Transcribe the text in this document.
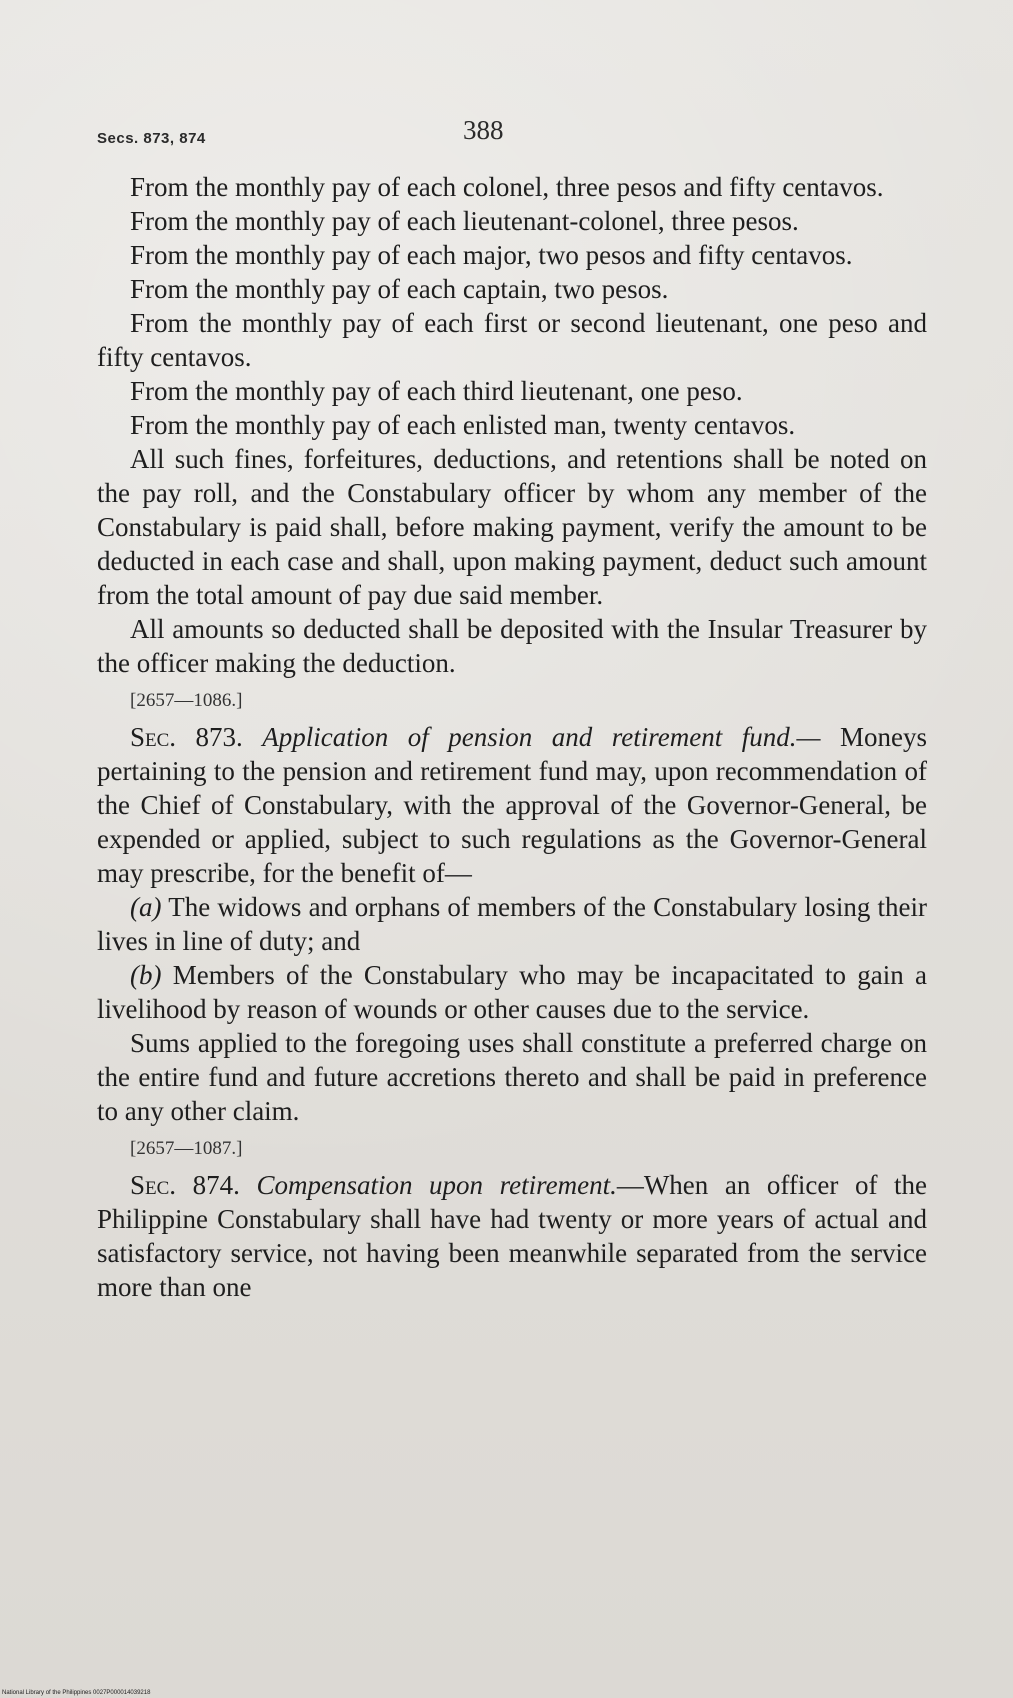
Secs. 873, 874	388

From the monthly pay of each colonel, three pesos and fifty centavos.

From the monthly pay of each lieutenant-colonel, three pesos.

From the monthly pay of each major, two pesos and fifty centavos.

From the monthly pay of each captain, two pesos.

From the monthly pay of each first or second lieutenant, one peso and fifty centavos.

From the monthly pay of each third lieutenant, one peso.

From the monthly pay of each enlisted man, twenty centavos.

All such fines, forfeitures, deductions, and retentions shall be noted on the pay roll, and the Constabulary officer by whom any member of the Constabulary is paid shall, before making payment, verify the amount to be deducted in each case and shall, upon making payment, deduct such amount from the total amount of pay due said member.

All amounts so deducted shall be deposited with the Insular Treasurer by the officer making the deduction.

[2657—1086.]

Sec. 873. Application of pension and retirement fund.— Moneys pertaining to the pension and retirement fund may, upon recommendation of the Chief of Constabulary, with the approval of the Governor-General, be expended or applied, subject to such regulations as the Governor-General may prescribe, for the benefit of—

(a) The widows and orphans of members of the Constabulary losing their lives in line of duty; and

(b) Members of the Constabulary who may be incapacitated to gain a livelihood by reason of wounds or other causes due to the service.

Sums applied to the foregoing uses shall constitute a preferred charge on the entire fund and future accretions thereto and shall be paid in preference to any other claim.

[2657—1087.]

Sec. 874. Compensation upon retirement.—When an officer of the Philippine Constabulary shall have had twenty or more years of actual and satisfactory service, not having been meanwhile separated from the service more than one

National Library of the Philippines 0027P000014039218
